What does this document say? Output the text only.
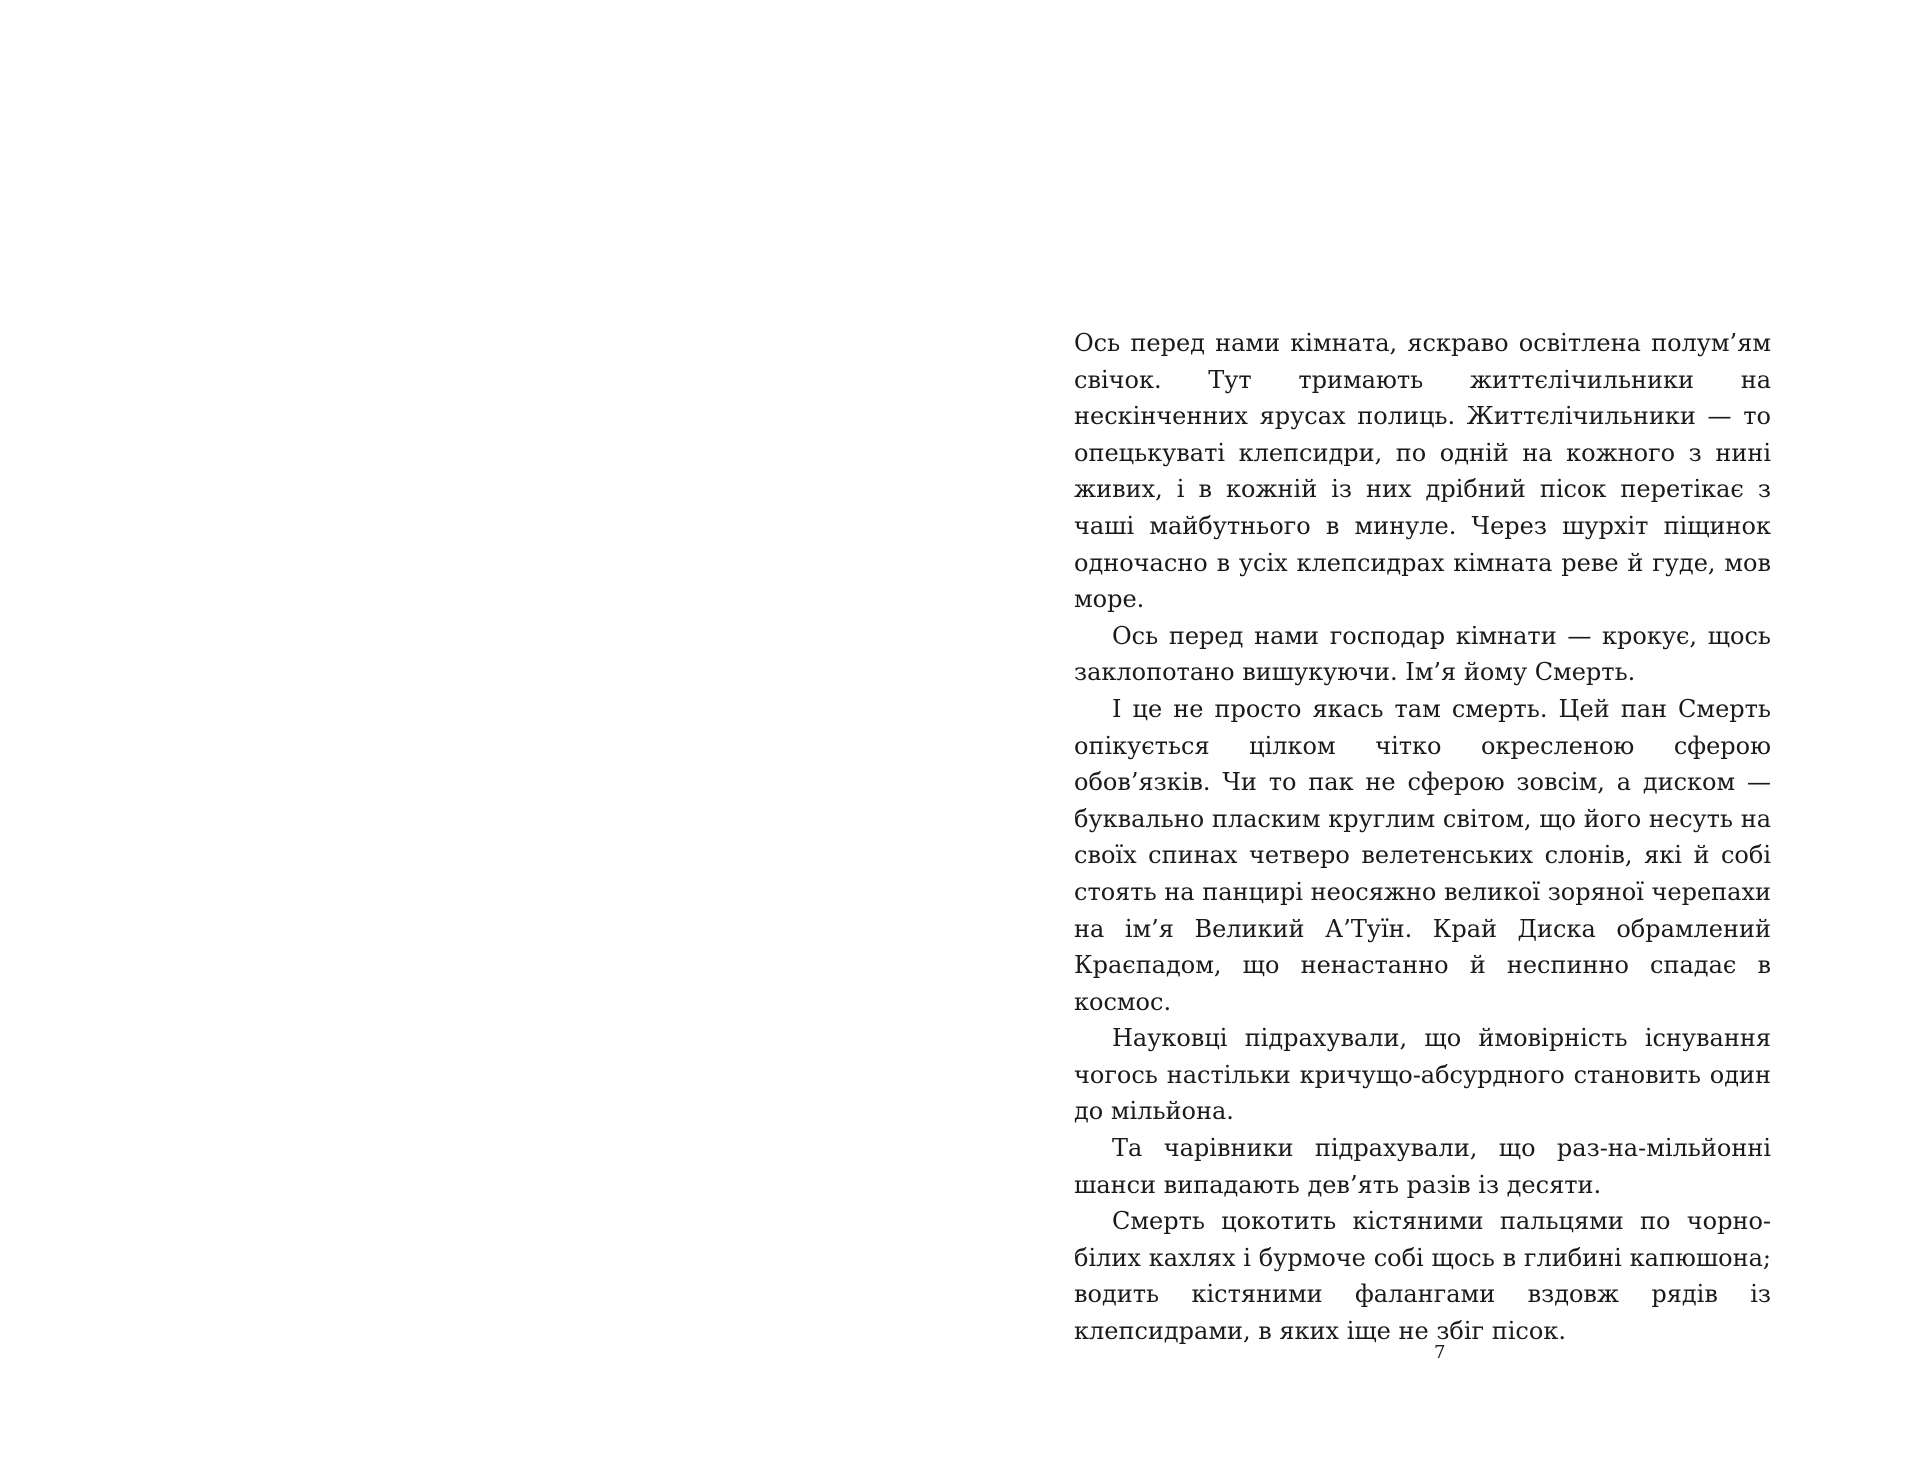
Ось перед нами кімната, яскраво освітлена полум’ям свічок. Тут тримають життєлічильники на нескінченних ярусах полиць. Життєлічильники — то опецькуваті клепсидри, по одній на кожного з нині живих, і в кожній із них дрібний пісок перетікає з чаші майбутнього в минуле. Через шурхіт піщинок одночасно в усіх клепсидрах кімната реве й гуде, мов море.

Ось перед нами господар кімнати — крокує, щось заклопотано вишукуючи. Ім’я йому Смерть.

І це не просто якась там смерть. Цей пан Смерть опікується цілком чітко окресленою сферою обов’язків. Чи то пак не сферою зовсім, а диском — буквально пласким круглим світом, що його несуть на своїх спинах четверо велетенських слонів, які й собі стоять на панцирі неосяжно великої зоряної черепахи на ім’я Великий А’Туїн. Край Диска обрамлений Краєпадом, що ненастанно й неспинно спадає в космос.

Науковці підрахували, що ймовірність існування чогось настільки кричущо-абсурдного становить один до мільйона.

Та чарівники підрахували, що раз-на-мільйонні шанси випадають дев’ять разів із десяти.

Смерть цокотить кістяними пальцями по чорно-білих кахлях і бурмоче собі щось в глибині капюшона; водить кістяними фалангами вздовж рядів із клепсидрами, в яких іще не збіг пісок.

7
